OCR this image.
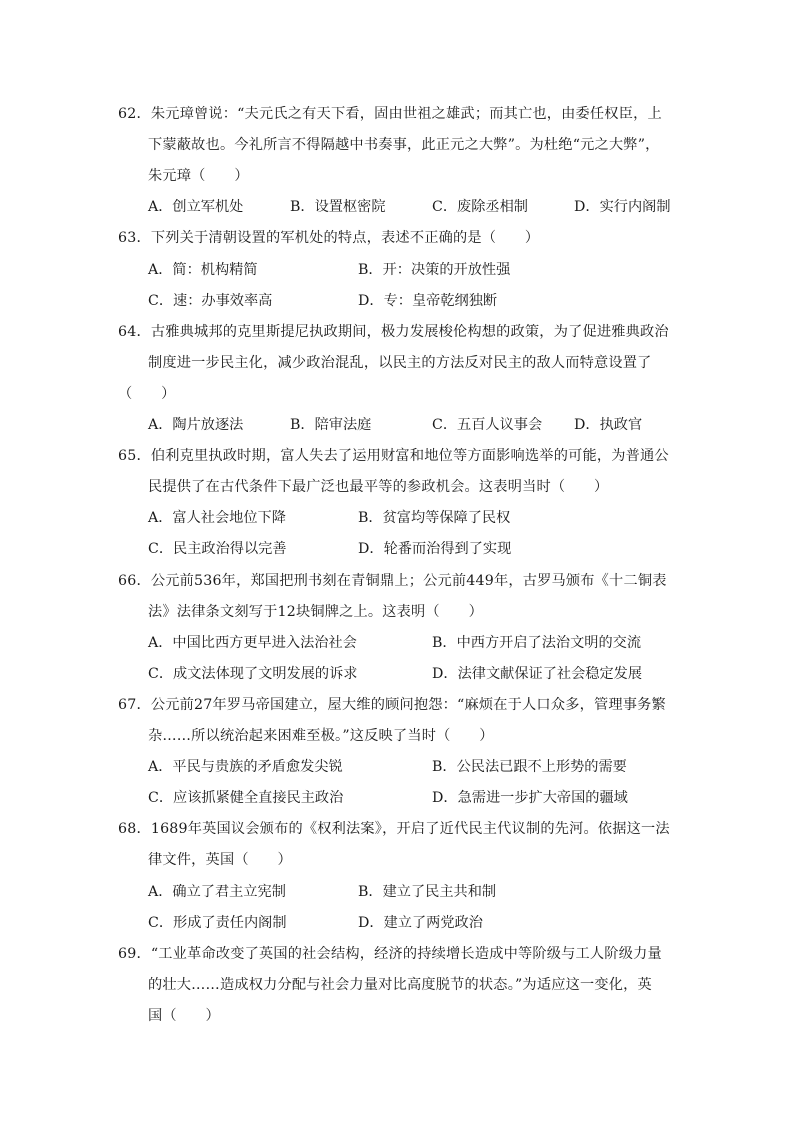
62．朱元璋曾说：“夫元氏之有天下看，固由世祖之雄武；而其亡也，由委任权臣，上
下蒙蔽故也。今礼所言不得隔越中书奏事，此正元之大弊”。为杜绝“元之大弊”，
朱元璋（　　）
A．创立军机处	B．设置枢密院	C．废除丞相制	D．实行内阁制
63．下列关于清朝设置的军机处的特点，表述不正确的是（　　）
A．简：机构精简	B．开：决策的开放性强
C．速：办事效率高	D．专：皇帝乾纲独断
64．古雅典城邦的克里斯提尼执政期间，极力发展梭伦构想的政策，为了促进雅典政治
制度进一步民主化，减少政治混乱，以民主的方法反对民主的敌人而特意设置了
（　　）
A．陶片放逐法	B．陪审法庭	C．五百人议事会 D．执政官
65．伯利克里执政时期，富人失去了运用财富和地位等方面影响选举的可能，为普通公
民提供了在古代条件下最广泛也最平等的参政机会。这表明当时（　　）
A．富人社会地位下降	B．贫富均等保障了民权
C．民主政治得以完善	D．轮番而治得到了实现
66．公元前536年，郑国把刑书刻在青铜鼎上；公元前449年，古罗马颁布《十二铜表
法》法律条文刻写于12块铜牌之上。这表明（　　）
A．中国比西方更早进入法治社会	B．中西方开启了法治文明的交流
C．成文法体现了文明发展的诉求	D．法律文献保证了社会稳定发展
67．公元前27年罗马帝国建立，屋大维的顾问抱怨：“麻烦在于人口众多，管理事务繁
杂……所以统治起来困难至极。”这反映了当时（　　）
A．平民与贵族的矛盾愈发尖锐	B．公民法已跟不上形势的需要
C．应该抓紧健全直接民主政治	D．急需进一步扩大帝国的疆域
68．1689年英国议会颁布的《权利法案》，开启了近代民主代议制的先河。依据这一法
律文件，英国（　　）
A．确立了君主立宪制	B．建立了民主共和制
C．形成了责任内阁制	D．建立了两党政治
69．“工业革命改变了英国的社会结构，经济的持续增长造成中等阶级与工人阶级力量
的壮大……造成权力分配与社会力量对比高度脱节的状态。”为适应这一变化，英
国（　　）
